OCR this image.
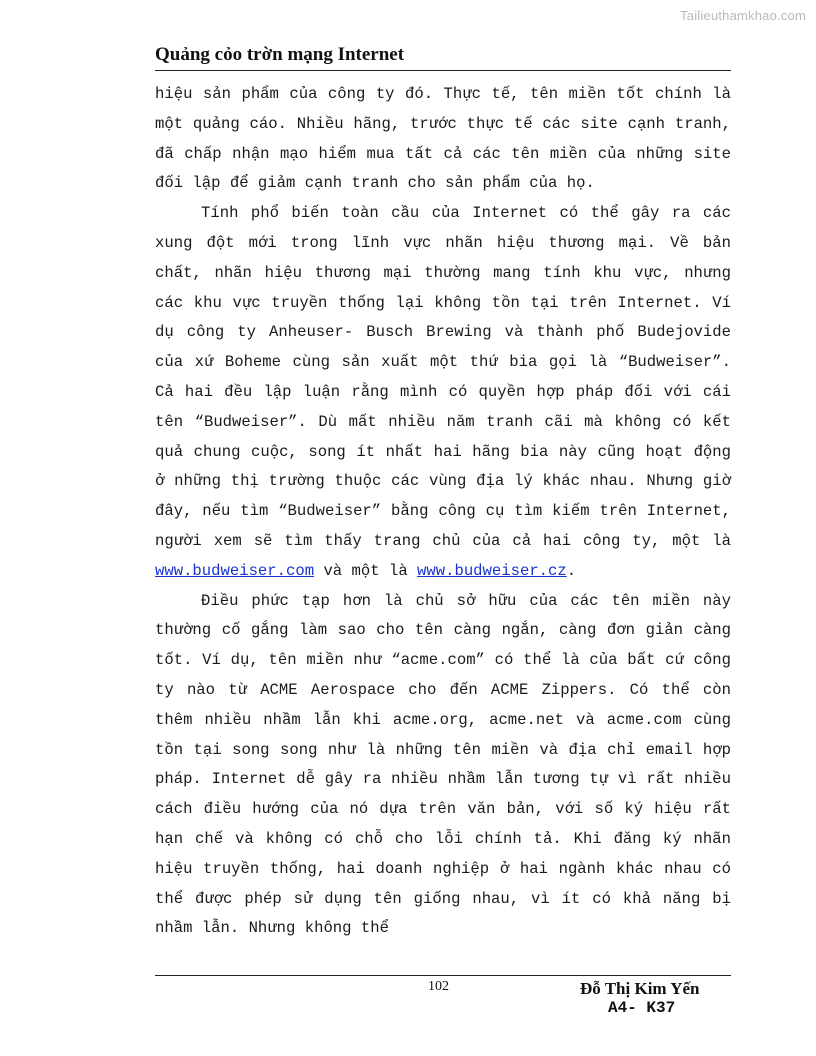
Tailieuthamkhao.com
Quảng cỏo trờn mạng Internet

hiệu sản phẩm của công ty đó. Thực tế, tên miền tốt chính là một quảng cáo. Nhiều hãng, trước thực tế các site cạnh tranh, đã chấp nhận mạo hiểm mua tất cả các tên miền của những site đối lập để giảm cạnh tranh cho sản phẩm của họ.

Tính phổ biến toàn cầu của Internet có thể gây ra các xung đột mới trong lĩnh vực nhãn hiệu thương mại. Về bản chất, nhãn hiệu thương mại thường mang tính khu vực, nhưng các khu vực truyền thống lại không tồn tại trên Internet. Ví dụ công ty Anheuser- Busch Brewing và thành phố Budejovide của xứ Boheme cùng sản xuất một thứ bia gọi là “Budweiser”. Cả hai đều lập luận rằng mình có quyền hợp pháp đối với cái tên “Budweiser”. Dù mất nhiều năm tranh cãi mà không có kết quả chung cuộc, song ít nhất hai hãng bia này cũng hoạt động ở những thị trường thuộc các vùng địa lý khác nhau. Nhưng giờ đây, nếu tìm “Budweiser” bằng công cụ tìm kiếm trên Internet, người xem sẽ tìm thấy trang chủ của cả hai công ty, một là www.budweiser.com và một là www.budweiser.cz.

Điều phức tạp hơn là chủ sở hữu của các tên miền này thường cố gắng làm sao cho tên càng ngắn, càng đơn giản càng tốt. Ví dụ, tên miền như “acme.com” có thể là của bất cứ công ty nào từ ACME Aerospace cho đến ACME Zippers. Có thể còn thêm nhiều nhầm lẫn khi acme.org, acme.net và acme.com cùng tồn tại song song như là những tên miền và địa chỉ email hợp pháp. Internet dễ gây ra nhiều nhầm lẫn tương tự vì rất nhiều cách điều hướng của nó dựa trên văn bản, với số ký hiệu rất hạn chế và không có chỗ cho lỗi chính tả. Khi đăng ký nhãn hiệu truyền thống, hai doanh nghiệp ở hai ngành khác nhau có thể được phép sử dụng tên giống nhau, vì ít có khả năng bị nhầm lẫn. Nhưng không thể

102	Đỗ Thị Kim Yến
A4- K37
